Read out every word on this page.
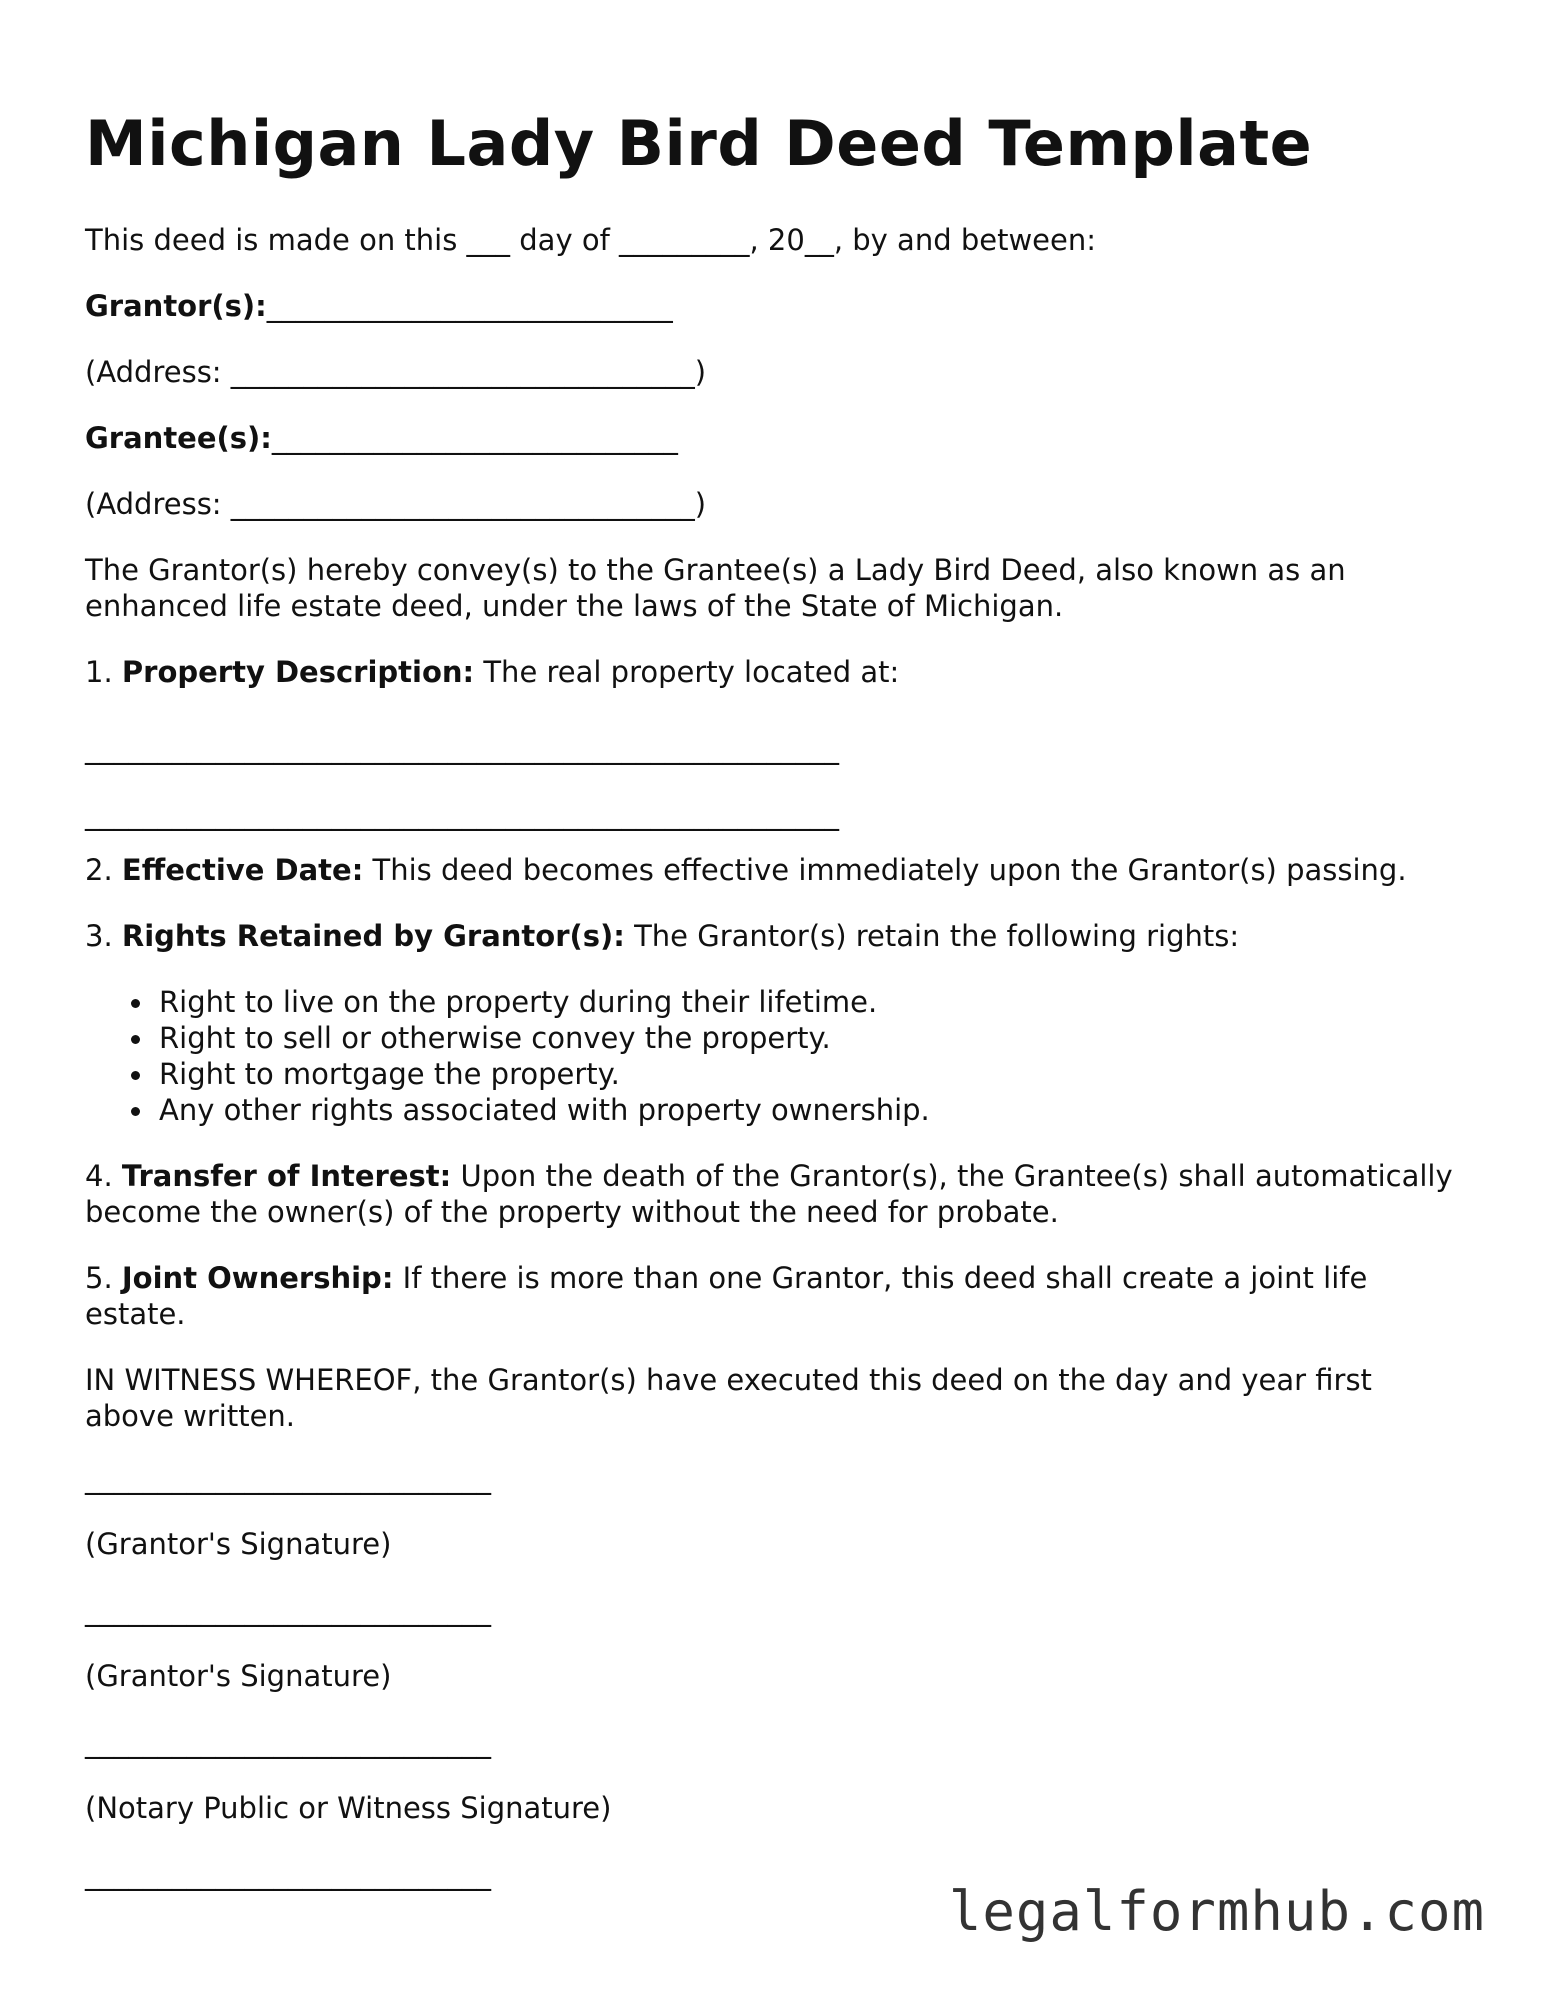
Michigan Lady Bird Deed Template
This deed is made on this ___ day of _________, 20__, by and between:
Grantor(s):____________________________
(Address: ________________________________)
Grantee(s):____________________________
(Address: ________________________________)
The Grantor(s) hereby convey(s) to the Grantee(s) a Lady Bird Deed, also known as an enhanced life estate deed, under the laws of the State of Michigan.
1. Property Description: The real property located at:
____________________________________________________
____________________________________________________
2. Effective Date: This deed becomes effective immediately upon the Grantor(s) passing.
3. Rights Retained by Grantor(s): The Grantor(s) retain the following rights:
Right to live on the property during their lifetime.
Right to sell or otherwise convey the property.
Right to mortgage the property.
Any other rights associated with property ownership.
4. Transfer of Interest: Upon the death of the Grantor(s), the Grantee(s) shall automatically become the owner(s) of the property without the need for probate.
5. Joint Ownership: If there is more than one Grantor, this deed shall create a joint life estate.
IN WITNESS WHEREOF, the Grantor(s) have executed this deed on the day and year first above written.
____________________________
(Grantor's Signature)
____________________________
(Grantor's Signature)
____________________________
(Notary Public or Witness Signature)
____________________________
legalformhub.com
